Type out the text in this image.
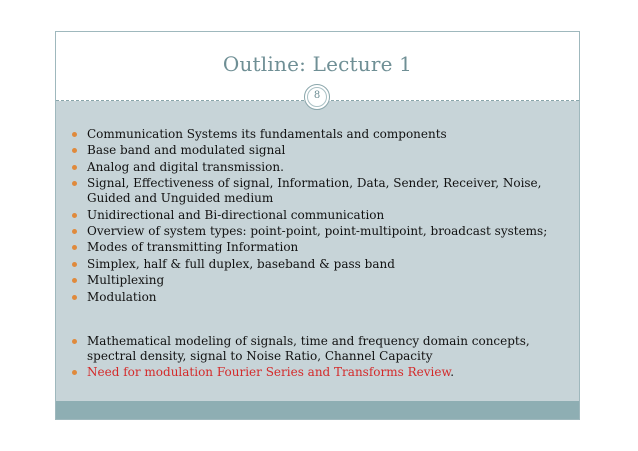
Outline: Lecture 1
8
Communication Systems its fundamentals and components
Base band and modulated signal
Analog and digital transmission.
Signal, Effectiveness of signal, Information, Data, Sender, Receiver, Noise,
Guided and Unguided medium
Unidirectional and Bi-directional communication
Overview of system types: point-point, point-multipoint, broadcast systems;
Modes of transmitting Information
Simplex, half & full duplex, baseband & pass band
Multiplexing
Modulation
Mathematical modeling of signals, time and frequency domain concepts,
spectral density, signal to Noise Ratio, Channel Capacity
Need for modulation Fourier Series and Transforms Review.
